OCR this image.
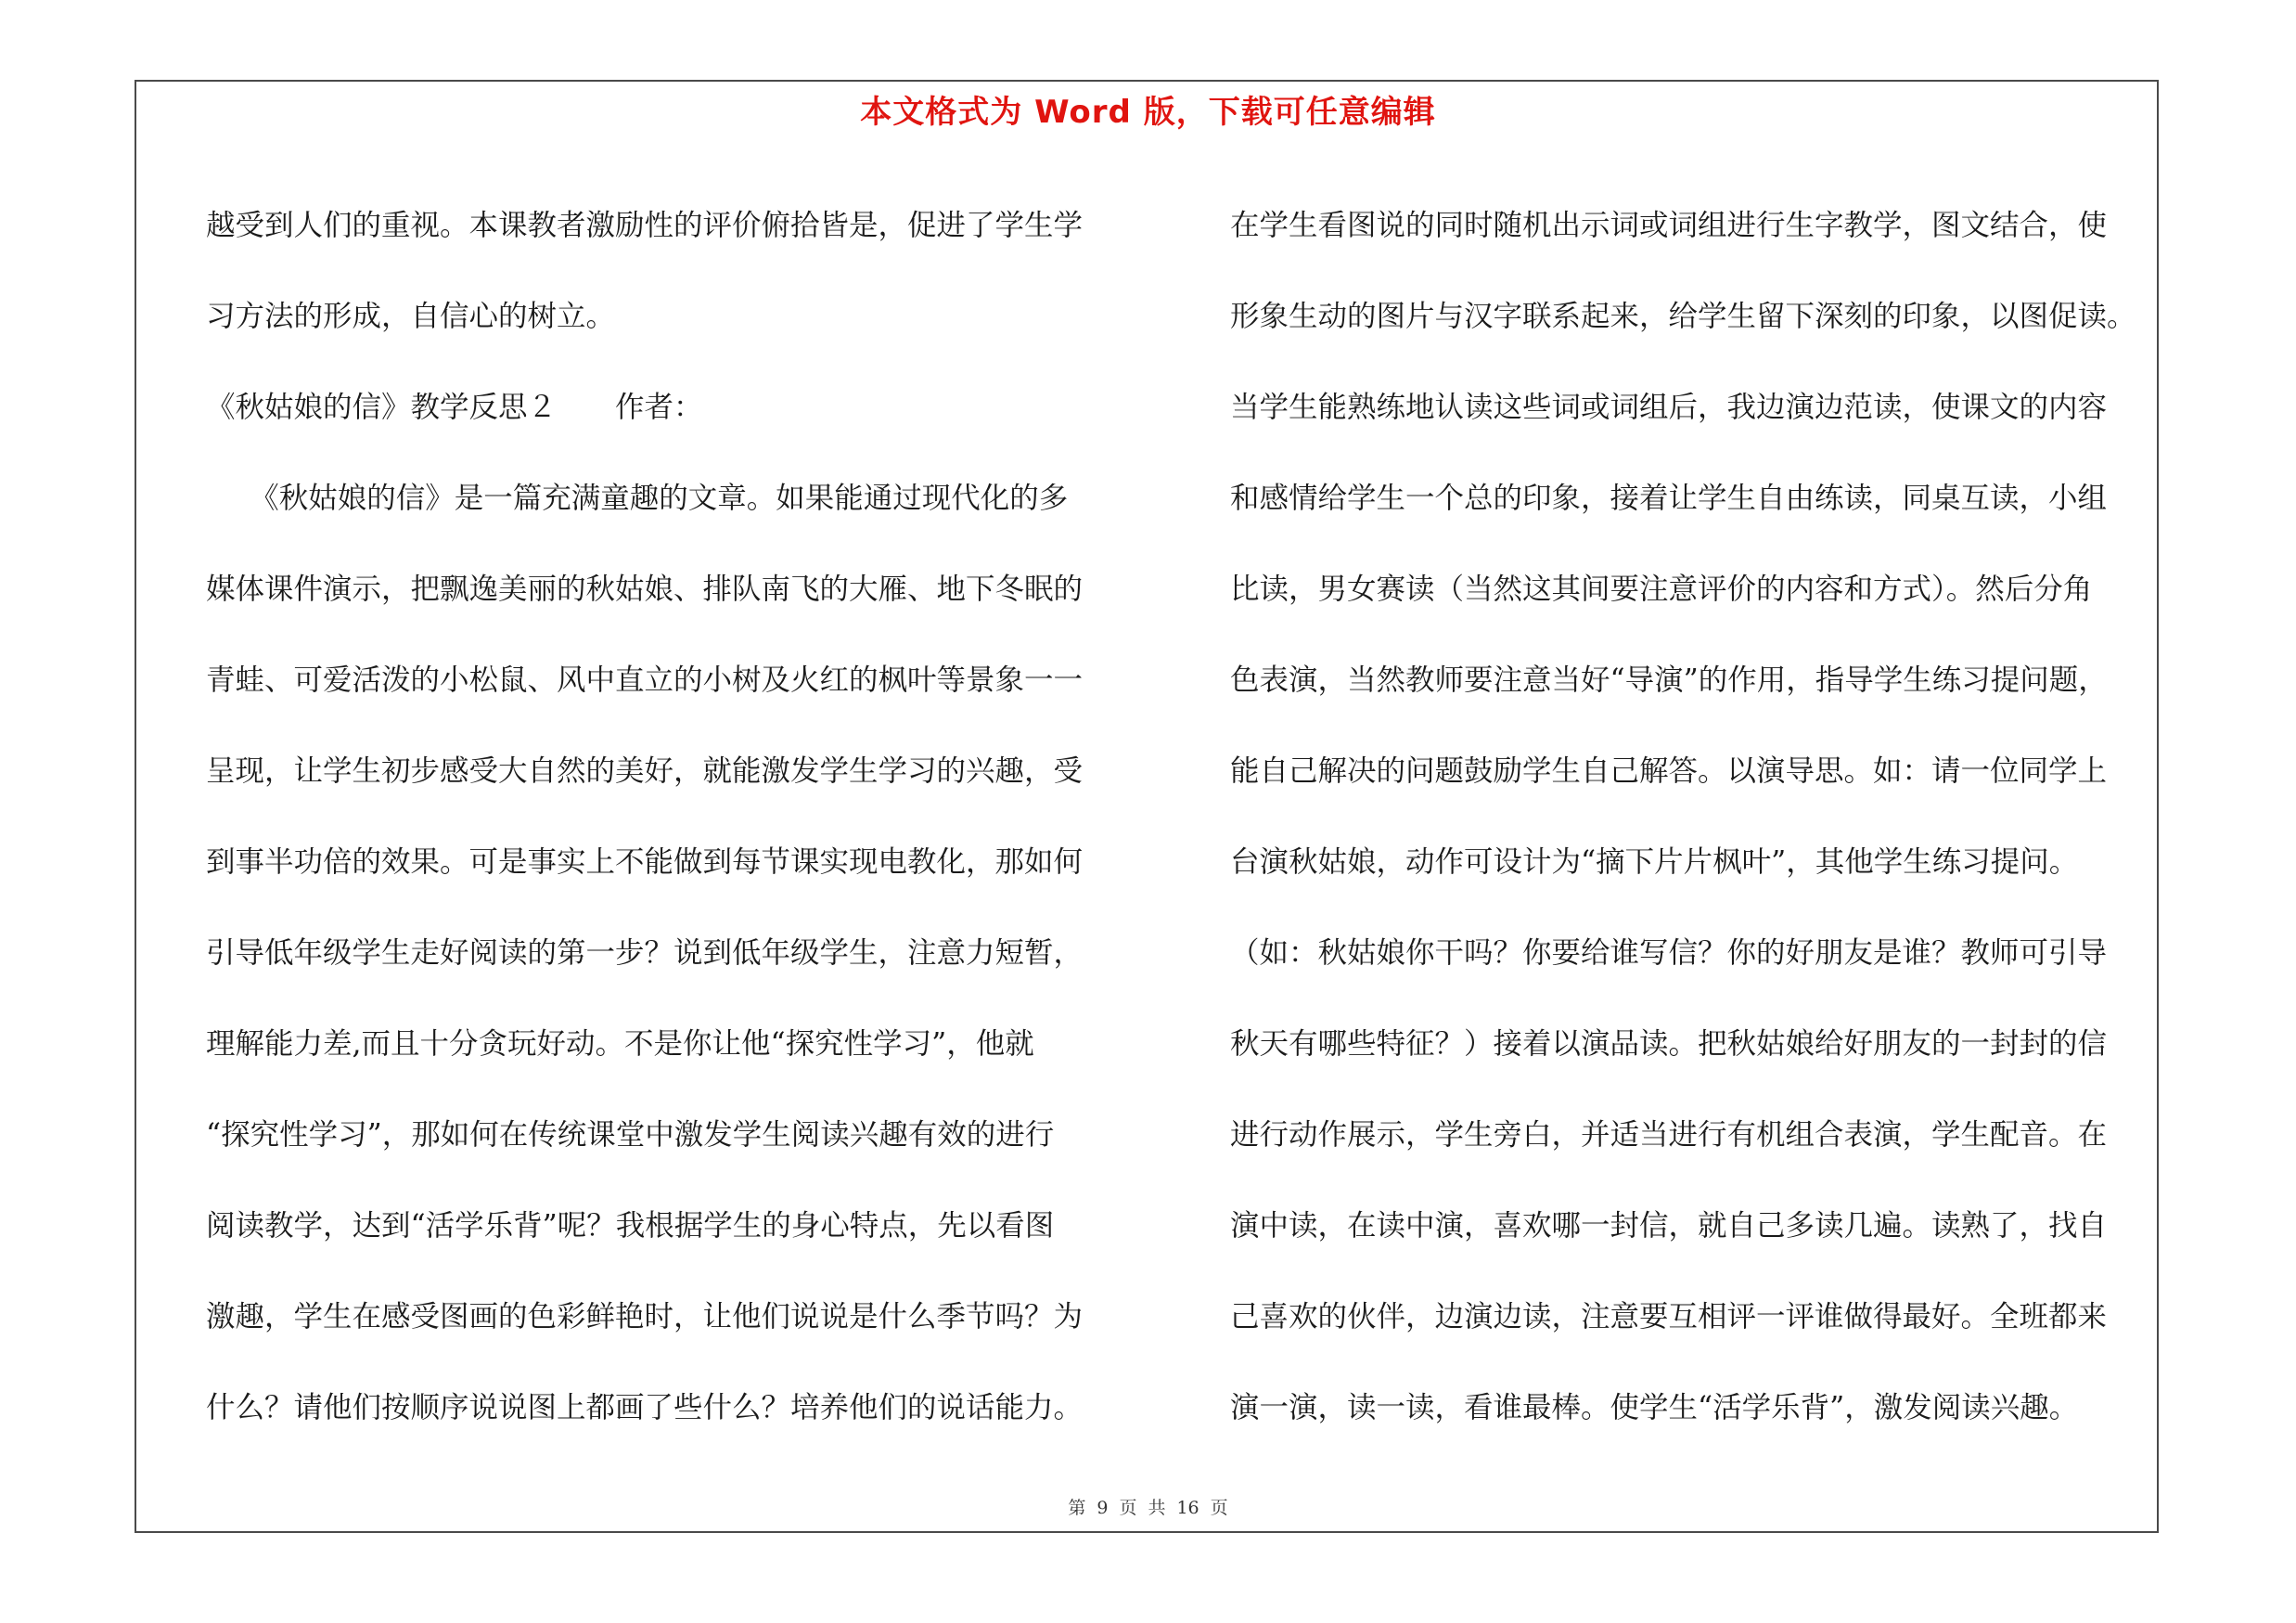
本文格式为 Word 版，下载可任意编辑
越受到人们的重视。本课教者激励性的评价俯拾皆是，促进了学生学
习方法的形成，自信心的树立。
《秋姑娘的信》教学反思２　　作者：
　　《秋姑娘的信》是一篇充满童趣的文章。如果能通过现代化的多
媒体课件演示，把飘逸美丽的秋姑娘、排队南飞的大雁、地下冬眠的
青蛙、可爱活泼的小松鼠、风中直立的小树及火红的枫叶等景象一一
呈现，让学生初步感受大自然的美好，就能激发学生学习的兴趣，受
到事半功倍的效果。可是事实上不能做到每节课实现电教化，那如何
引导低年级学生走好阅读的第一步？说到低年级学生，注意力短暂，
理解能力差,而且十分贪玩好动。不是你让他“探究性学习”，他就
“探究性学习”，那如何在传统课堂中激发学生阅读兴趣有效的进行
阅读教学，达到“活学乐背”呢？我根据学生的身心特点，先以看图
激趣，学生在感受图画的色彩鲜艳时，让他们说说是什么季节吗？为
什么？请他们按顺序说说图上都画了些什么？培养他们的说话能力。
在学生看图说的同时随机出示词或词组进行生字教学，图文结合，使
形象生动的图片与汉字联系起来，给学生留下深刻的印象，以图促读。
当学生能熟练地认读这些词或词组后，我边演边范读，使课文的内容
和感情给学生一个总的印象，接着让学生自由练读，同桌互读，小组
比读，男女赛读（当然这其间要注意评价的内容和方式）。然后分角
色表演，当然教师要注意当好“导演”的作用，指导学生练习提问题，
能自己解决的问题鼓励学生自己解答。以演导思。如：请一位同学上
台演秋姑娘，动作可设计为“摘下片片枫叶”，其他学生练习提问。
（如：秋姑娘你干吗？你要给谁写信？你的好朋友是谁？教师可引导
秋天有哪些特征？）接着以演品读。把秋姑娘给好朋友的一封封的信
进行动作展示，学生旁白，并适当进行有机组合表演，学生配音。在
演中读，在读中演，喜欢哪一封信，就自己多读几遍。读熟了，找自
己喜欢的伙伴，边演边读，注意要互相评一评谁做得最好。全班都来
演一演，读一读，看谁最棒。使学生“活学乐背”，激发阅读兴趣。
第 9 页 共 16 页
